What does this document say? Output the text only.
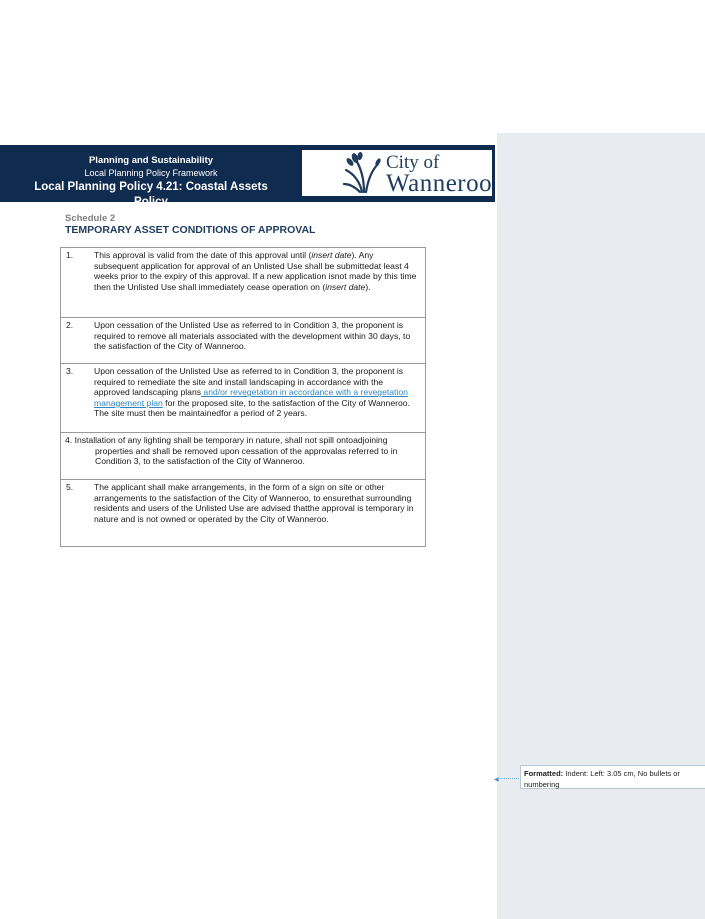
Planning and Sustainability
Local Planning Policy Framework
Local Planning Policy 4.21: Coastal Assets Policy
City of
Wanneroo
Schedule 2
TEMPORARY ASSET CONDITIONS OF APPROVAL
1. This approval is valid from the date of this approval until (insert date). Any subsequent application for approval of an Unlisted Use shall be submittedat least 4 weeks prior to the expiry of this approval. If a new application isnot made by this time then the Unlisted Use shall immediately cease operation on (insert date).
2. Upon cessation of the Unlisted Use as referred to in Condition 3, the proponent is required to remove all materials associated with the development within 30 days, to the satisfaction of the City of Wanneroo.
3. Upon cessation of the Unlisted Use as referred to in Condition 3, the proponent is required to remediate the site and install landscaping in accordance with the approved landscaping plans and/or revegetation in accordance with a revegetation management plan for the proposed site, to the satisfaction of the City of Wanneroo. The site must then be maintainedfor a period of 2 years.
4. Installation of any lighting shall be temporary in nature, shall not spill ontoadjoining properties and shall be removed upon cessation of the approvalas referred to in Condition 3, to the satisfaction of the City of Wanneroo.
5. The applicant shall make arrangements, in the form of a sign on site or other arrangements to the satisfaction of the City of Wanneroo, to ensurethat surrounding residents and users of the Unlisted Use are advised thatthe approval is temporary in nature and is not owned or operated by the City of Wanneroo.
◀
Formatted: Indent: Left: 3.05 cm, No bullets or numbering
